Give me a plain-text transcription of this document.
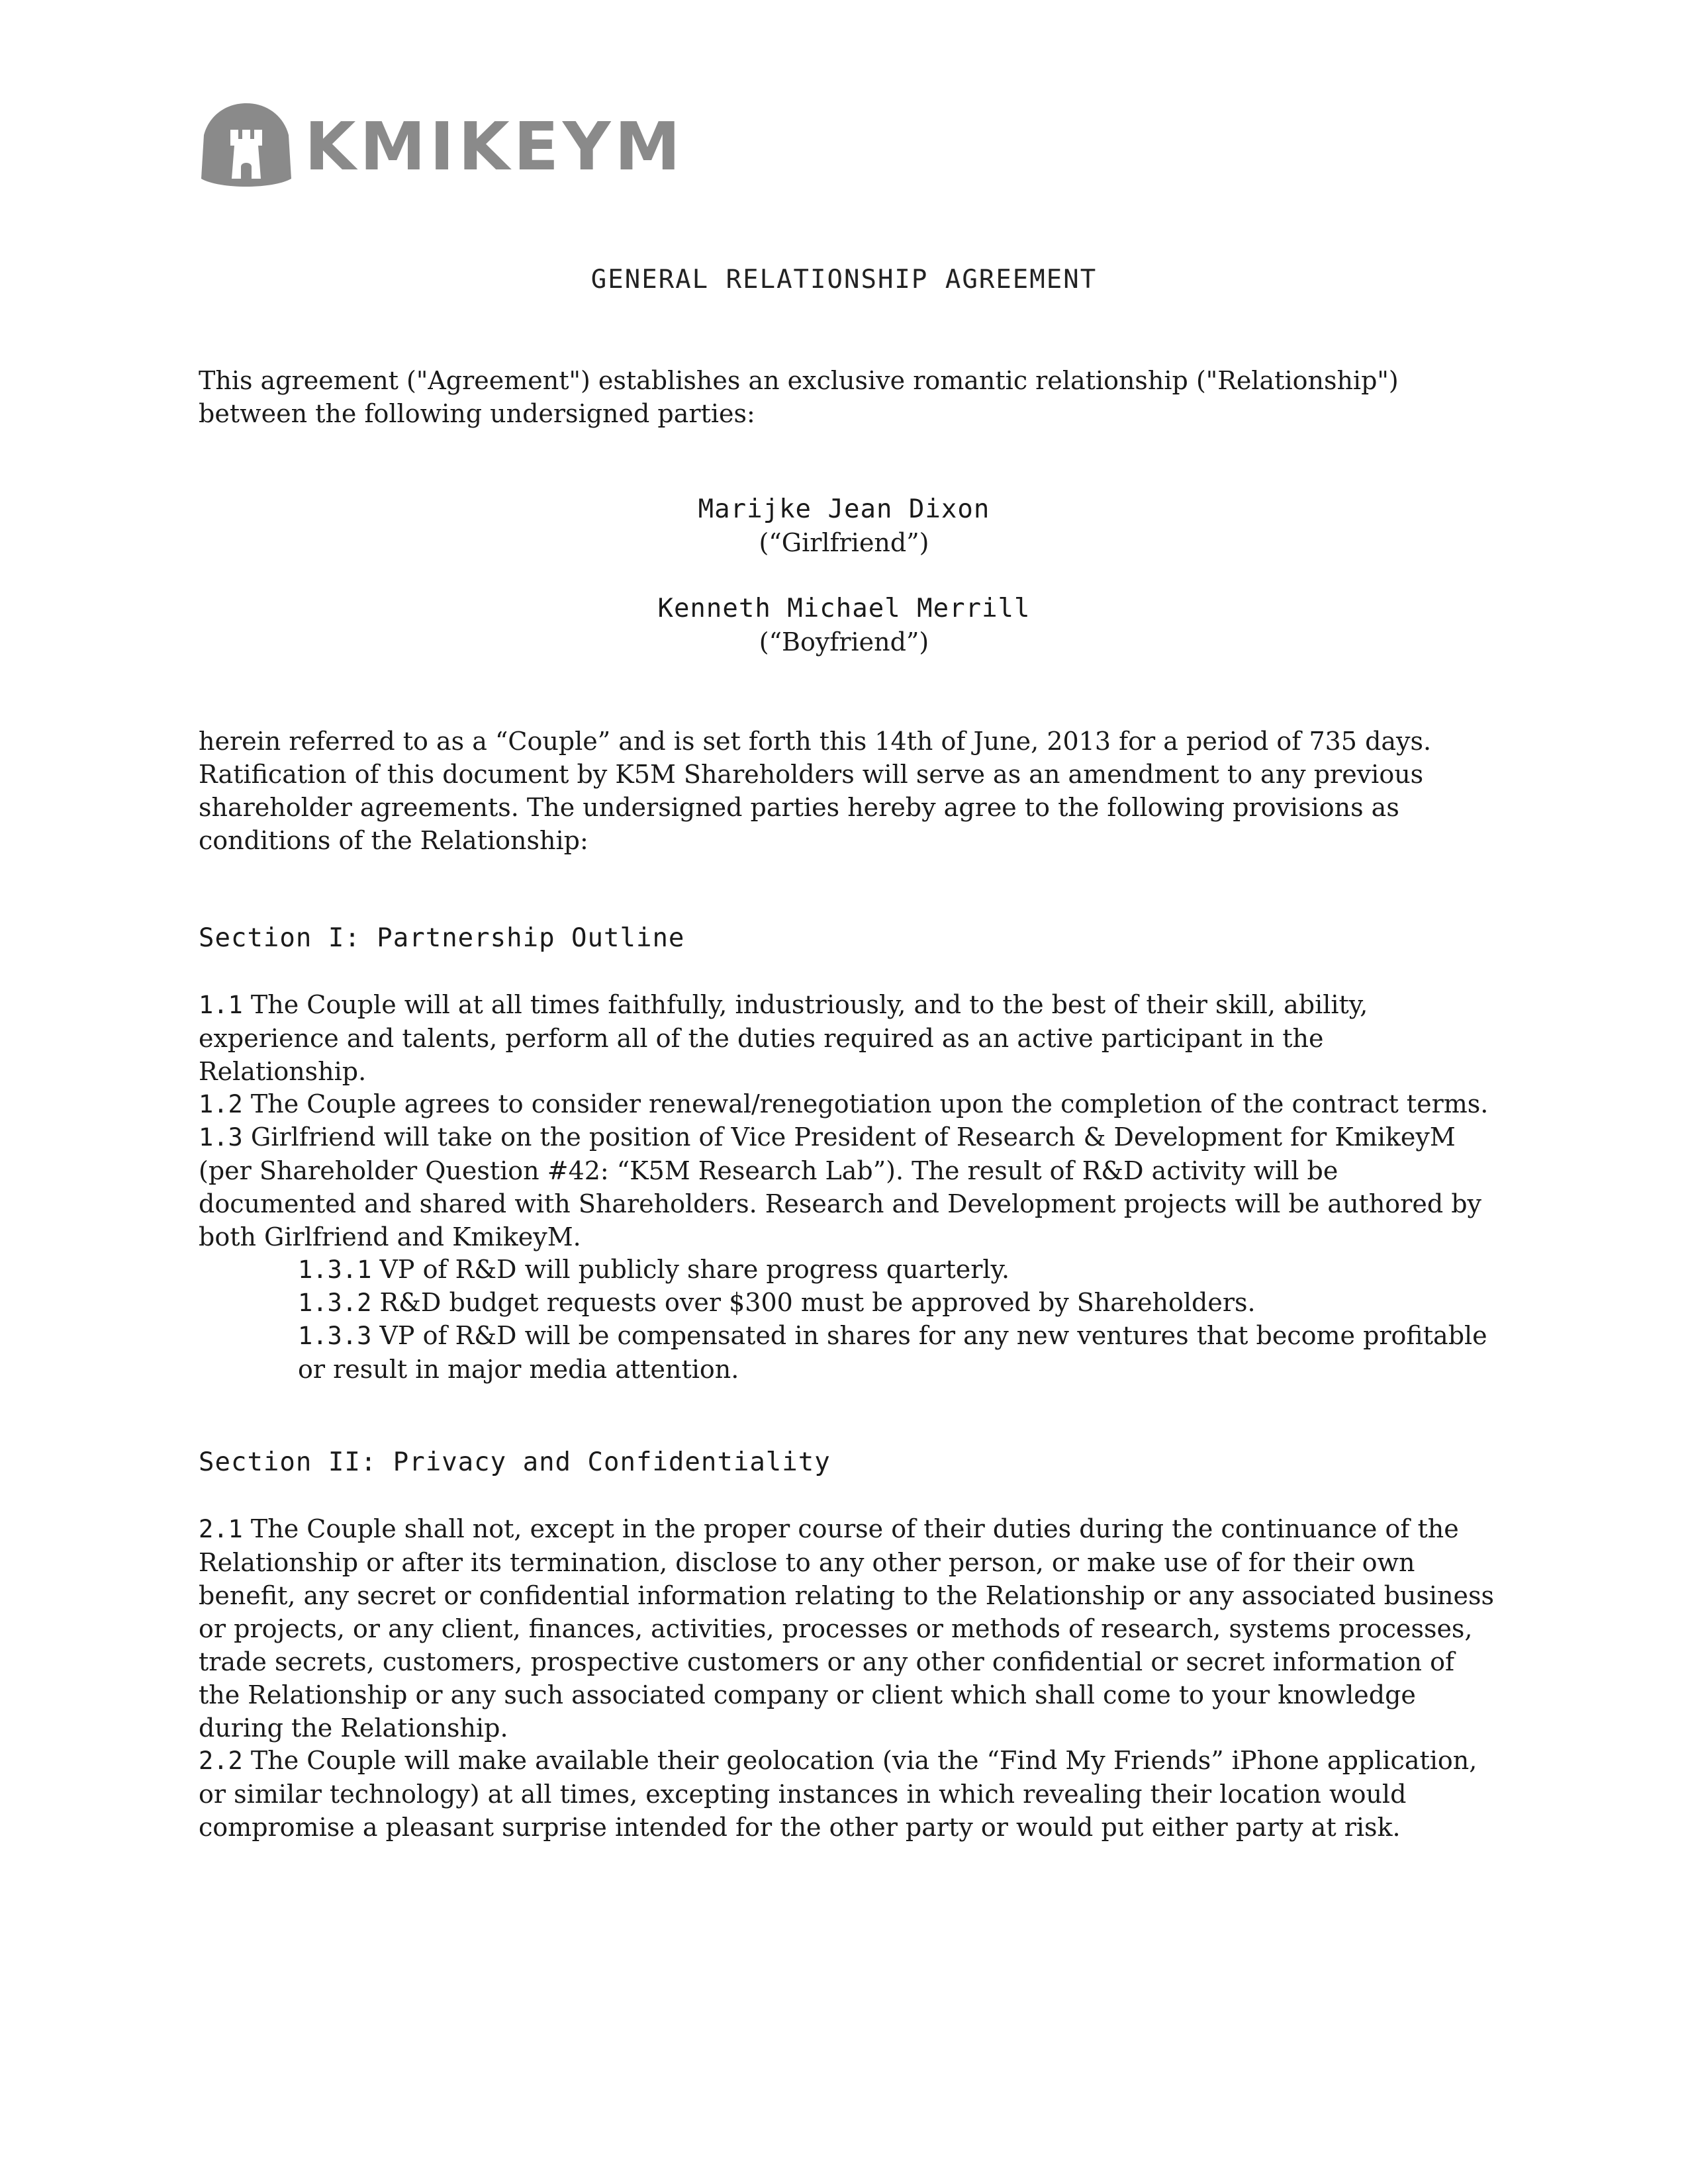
KMIKEYM
GENERAL RELATIONSHIP AGREEMENT

This agreement ("Agreement") establishes an exclusive romantic relationship ("Relationship") between the following undersigned parties:

Marijke Jean Dixon
(“Girlfriend”)
Kenneth Michael Merrill
(“Boyfriend”)

herein referred to as a “Couple” and is set forth this 14th of June, 2013 for a period of 735 days. Ratification of this document by K5M Shareholders will serve as an amendment to any previous shareholder agreements. The undersigned parties hereby agree to the following provisions as conditions of the Relationship:

Section I: Partnership Outline

1.1 The Couple will at all times faithfully, industriously, and to the best of their skill, ability, experience and talents, perform all of the duties required as an active participant in the Relationship.

1.2 The Couple agrees to consider renewal/renegotiation upon the completion of the contract terms.

1.3 Girlfriend will take on the position of Vice President of Research & Development for KmikeyM (per Shareholder Question #42: “K5M Research Lab”). The result of R&D activity will be documented and shared with Shareholders. Research and Development projects will be authored by both Girlfriend and KmikeyM.

1.3.1 VP of R&D will publicly share progress quarterly.

1.3.2 R&D budget requests over $300 must be approved by Shareholders.

1.3.3 VP of R&D will be compensated in shares for any new ventures that become profitable or result in major media attention.

Section II: Privacy and Confidentiality

2.1 The Couple shall not, except in the proper course of their duties during the continuance of the Relationship or after its termination, disclose to any other person, or make use of for their own benefit, any secret or confidential information relating to the Relationship or any associated business or projects, or any client, finances, activities, processes or methods of research, systems processes, trade secrets, customers, prospective customers or any other confidential or secret information of the Relationship or any such associated company or client which shall come to your knowledge during the Relationship.

2.2 The Couple will make available their geolocation (via the “Find My Friends” iPhone application, or similar technology) at all times, excepting instances in which revealing their location would compromise a pleasant surprise intended for the other party or would put either party at risk.
